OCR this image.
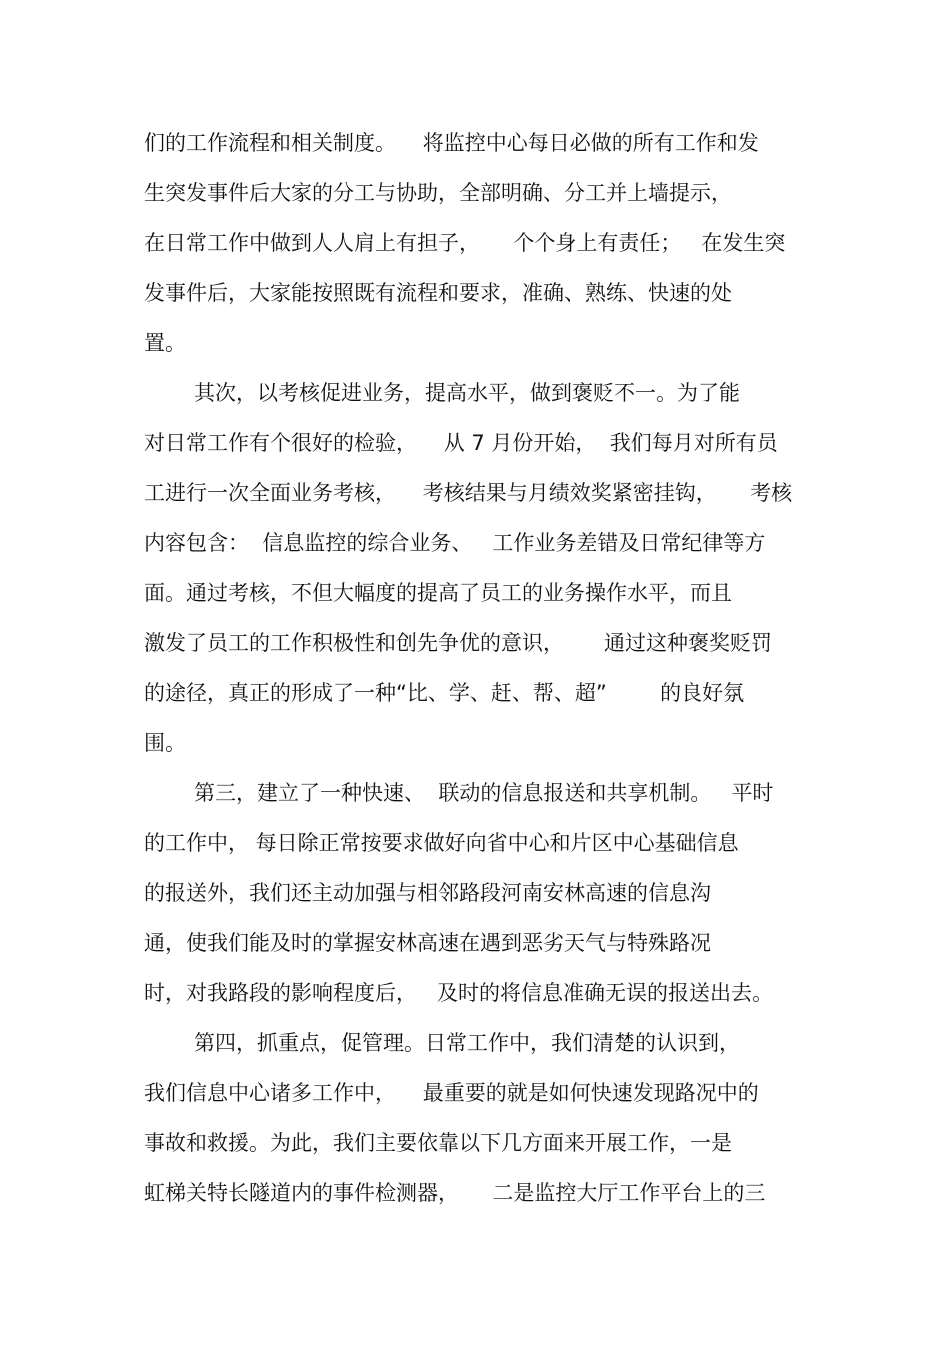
们的工作流程和相关制度。    将监控中心每日必做的所有工作和发
生突发事件后大家的分工与协助，全部明确、分工并上墙提示，
在日常工作中做到人人肩上有担子，     个个身上有责任；   在发生突
发事件后，大家能按照既有流程和要求，准确、熟练、快速的处
置。
其次，以考核促进业务，提高水平，做到褒贬不一。为了能
对日常工作有个很好的检验，    从 7 月份开始，  我们每月对所有员
工进行一次全面业务考核，    考核结果与月绩效奖紧密挂钩，     考核
内容包含：  信息监控的综合业务、   工作业务差错及日常纪律等方
面。通过考核，不但大幅度的提高了员工的业务操作水平，而且
激发了员工的工作积极性和创先争优的意识，      通过这种褒奖贬罚
的途径，真正的形成了一种“比、学、赶、帮、超”        的良好氛
围。
第三，建立了一种快速、  联动的信息报送和共享机制。   平时
的工作中， 每日除正常按要求做好向省中心和片区中心基础信息
的报送外，我们还主动加强与相邻路段河南安林高速的信息沟
通，使我们能及时的掌握安林高速在遇到恶劣天气与特殊路况
时，对我路段的影响程度后，   及时的将信息准确无误的报送出去。
第四，抓重点，促管理。日常工作中，我们清楚的认识到，
我们信息中心诸多工作中，    最重要的就是如何快速发现路况中的
事故和救援。为此，我们主要依靠以下几方面来开展工作，一是
虹梯关特长隧道内的事件检测器，     二是监控大厅工作平台上的三
